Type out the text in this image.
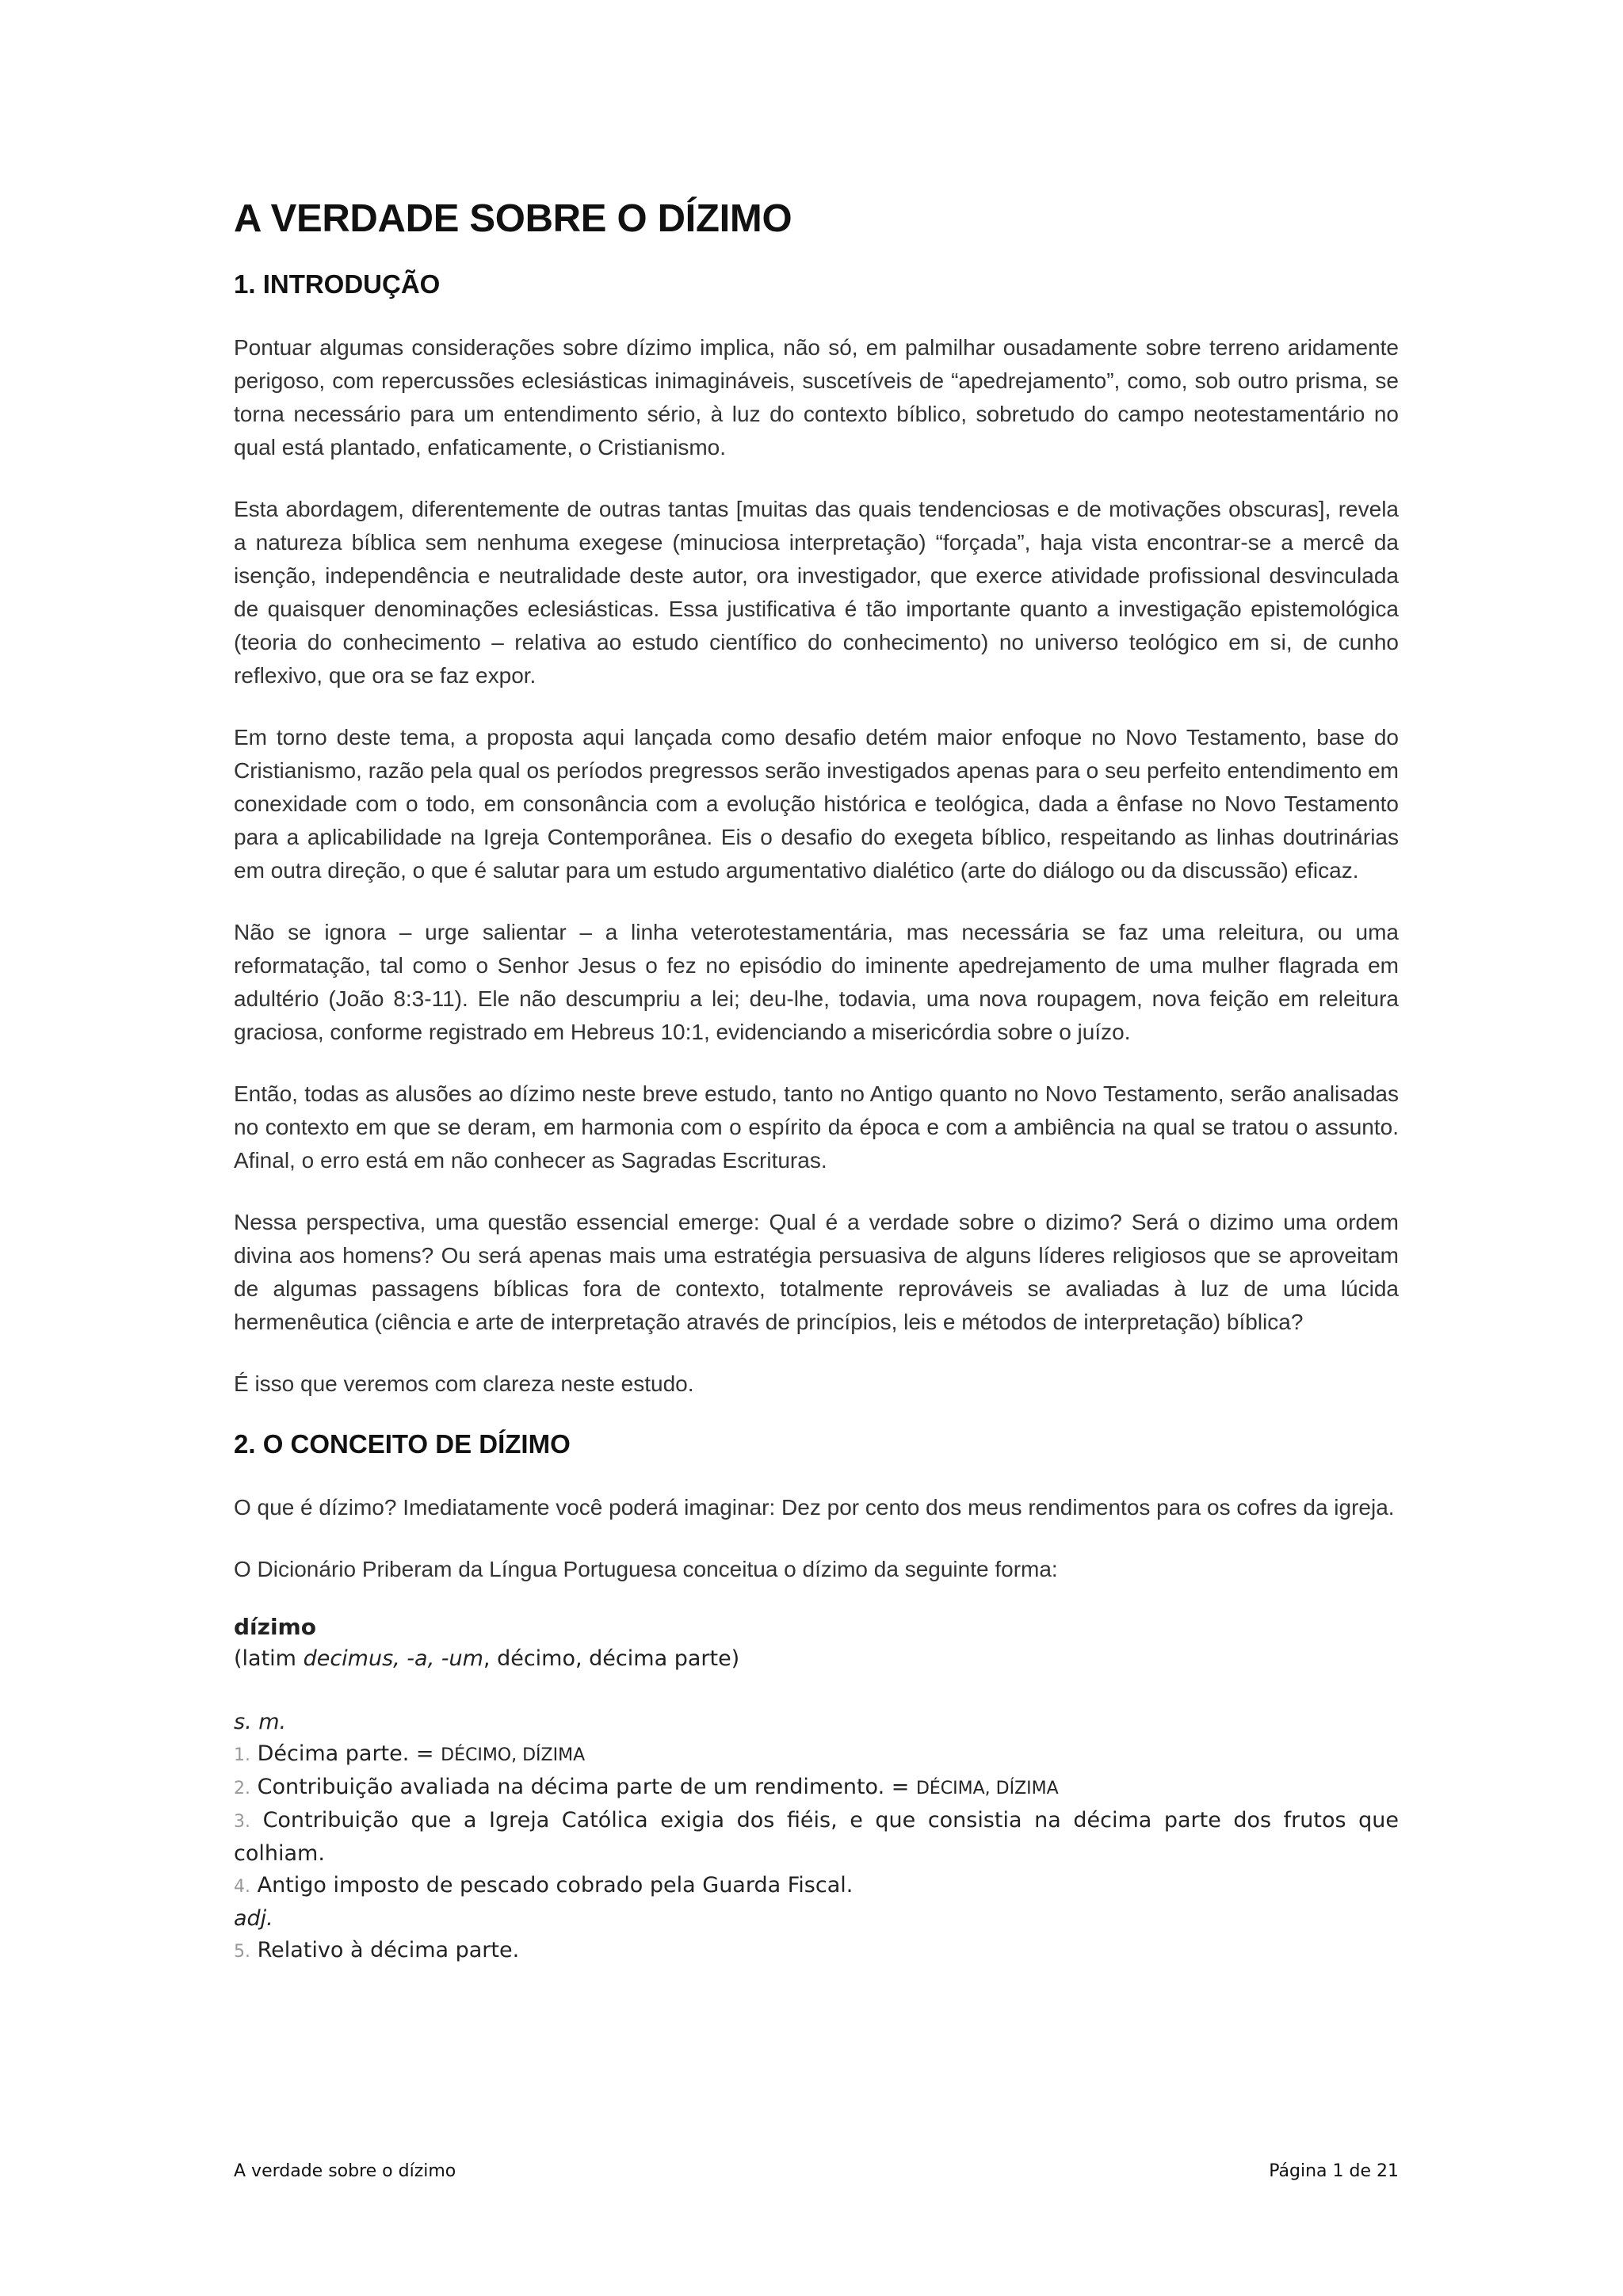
A VERDADE SOBRE O DÍZIMO
1. INTRODUÇÃO

Pontuar algumas considerações sobre dízimo implica, não só, em palmilhar ousadamente sobre terreno aridamente perigoso, com repercussões eclesiásticas inimagináveis, suscetíveis de “apedrejamento”, como, sob outro prisma, se torna necessário para um entendimento sério, à luz do contexto bíblico, sobretudo do campo neotestamentário no qual está plantado, enfaticamente, o Cristianismo.

Esta abordagem, diferentemente de outras tantas [muitas das quais tendenciosas e de motivações obscuras], revela a natureza bíblica sem nenhuma exegese (minuciosa interpretação) “forçada”, haja vista encontrar-se a mercê da isenção, independência e neutralidade deste autor, ora investigador, que exerce atividade profissional desvinculada de quaisquer denominações eclesiásticas. Essa justificativa é tão importante quanto a investigação epistemológica (teoria do conhecimento – relativa ao estudo científico do conhecimento) no universo teológico em si, de cunho reflexivo, que ora se faz expor.

Em torno deste tema, a proposta aqui lançada como desafio detém maior enfoque no Novo Testamento, base do Cristianismo, razão pela qual os períodos pregressos serão investigados apenas para o seu perfeito entendimento em conexidade com o todo, em consonância com a evolução histórica e teológica, dada a ênfase no Novo Testamento para a aplicabilidade na Igreja Contemporânea. Eis o desafio do exegeta bíblico, respeitando as linhas doutrinárias em outra direção, o que é salutar para um estudo argumentativo dialético (arte do diálogo ou da discussão) eficaz.

Não se ignora – urge salientar – a linha veterotestamentária, mas necessária se faz uma releitura, ou uma reformatação, tal como o Senhor Jesus o fez no episódio do iminente apedrejamento de uma mulher flagrada em adultério (João 8:3-11). Ele não descumpriu a lei; deu-lhe, todavia, uma nova roupagem, nova feição em releitura graciosa, conforme registrado em Hebreus 10:1, evidenciando a misericórdia sobre o juízo.

Então, todas as alusões ao dízimo neste breve estudo, tanto no Antigo quanto no Novo Testamento, serão analisadas no contexto em que se deram, em harmonia com o espírito da época e com a ambiência na qual se tratou o assunto. Afinal, o erro está em não conhecer as Sagradas Escrituras.

Nessa perspectiva, uma questão essencial emerge: Qual é a verdade sobre o dizimo? Será o dizimo uma ordem divina aos homens? Ou será apenas mais uma estratégia persuasiva de alguns líderes religiosos que se aproveitam de algumas passagens bíblicas fora de contexto, totalmente reprováveis se avaliadas à luz de uma lúcida hermenêutica (ciência e arte de interpretação através de princípios, leis e métodos de interpretação) bíblica?

É isso que veremos com clareza neste estudo.

2. O CONCEITO DE DÍZIMO

O que é dízimo? Imediatamente você poderá imaginar: Dez por cento dos meus rendimentos para os cofres da igreja.

O Dicionário Priberam da Língua Portuguesa conceitua o dízimo da seguinte forma:

dízimo
(latim decimus, -a, -um, décimo, décima parte)
s. m.
1. Décima parte. = DÉCIMO, DÍZIMA
2. Contribuição avaliada na décima parte de um rendimento. = DÉCIMA, DÍZIMA
3. Contribuição que a Igreja Católica exigia dos fiéis, e que consistia na décima parte dos frutos que colhiam.
4. Antigo imposto de pescado cobrado pela Guarda Fiscal.
adj.
5. Relativo à décima parte.
A verdade sobre o dízimo	Página 1 de 21
